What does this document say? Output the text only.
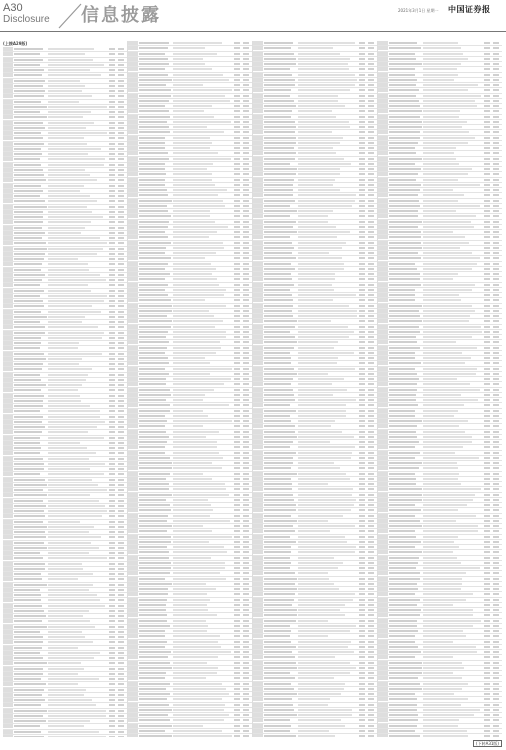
A30
Disclosure 信息披露	2021年3月1日 星期一 中国证券报
(上接A29版)
(下转A31版)
